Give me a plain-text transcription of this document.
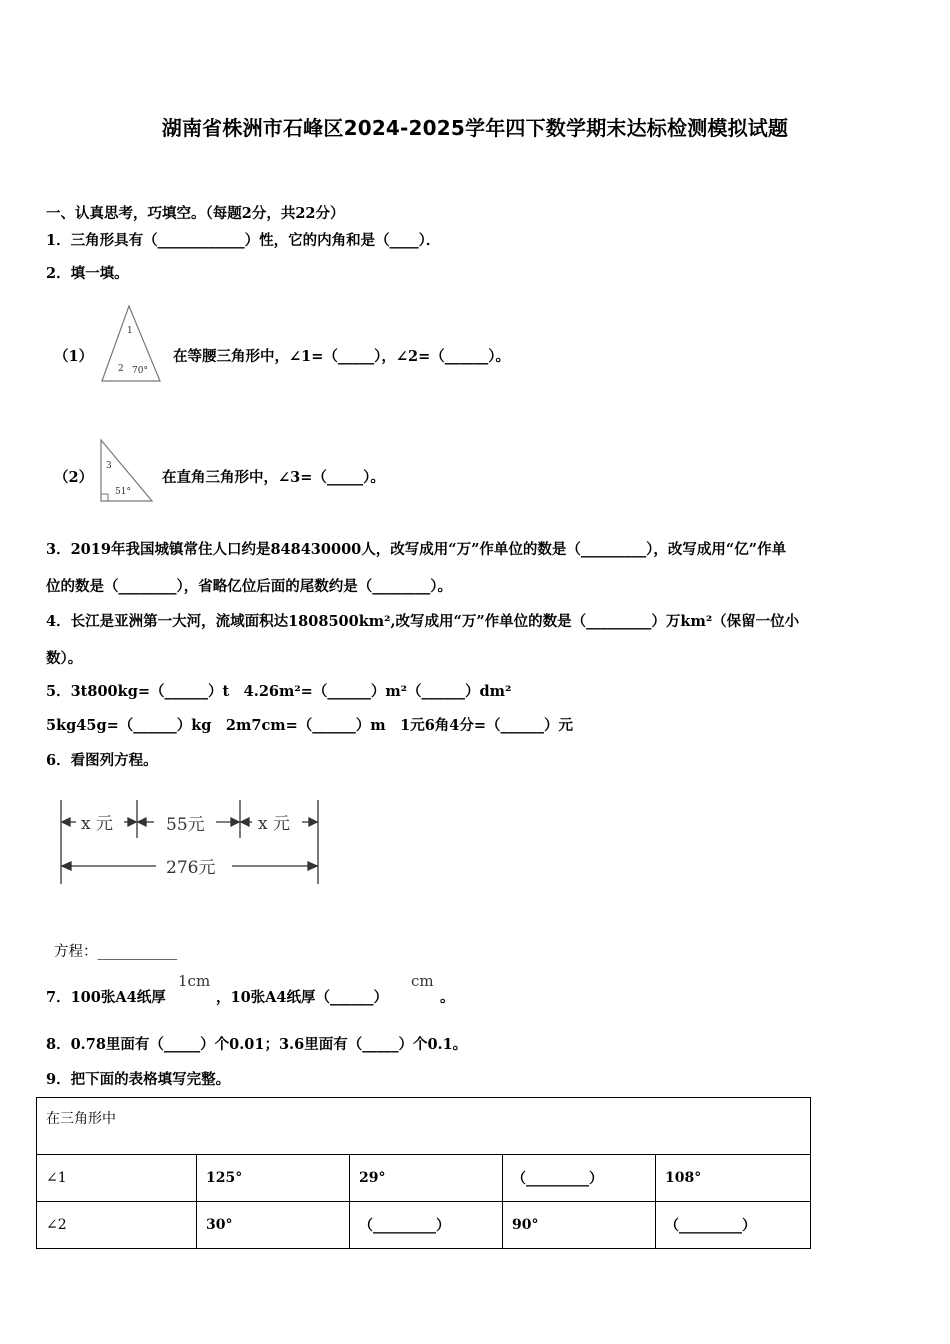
湖南省株洲市石峰区2024-2025学年四下数学期末达标检测模拟试题
一、认真思考，巧填空。（每题2分，共22分）
1．三角形具有（____________）性，它的内角和是（____）．
2．填一填。
（1）
1
2 70°
在等腰三角形中，∠1=（_____），∠2=（______）。
（2）
3
51°
在直角三角形中，∠3=（_____）。
3．2019年我国城镇常住人口约是848430000人，改写成用“万”作单位的数是（_________），改写成用“亿”作单
位的数是（________），省略亿位后面的尾数约是（________）。
4．长江是亚洲第一大河，流域面积达1808500km²,改写成用“万”作单位的数是（_________）万km²（保留一位小
数）。
5．3t800kg=（______）t　4.26m²=（______）m²（______）dm²
5kg45g=（______）kg　2m7cm=（______）m　1元6角4分=（______）元
6．看图列方程。
x 元	55元	x 元
276元
方程：___________
7．100张A4纸厚
1cm
，10张A4纸厚（______）
cm
。
8．0.78里面有（_____）个0.01；3.6里面有（_____）个0.1。
9．把下面的表格填写完整。
在三角形中				
∠1	125°	29°	（_________）	108°
∠2	30°	（_________）	90°	（_________）
